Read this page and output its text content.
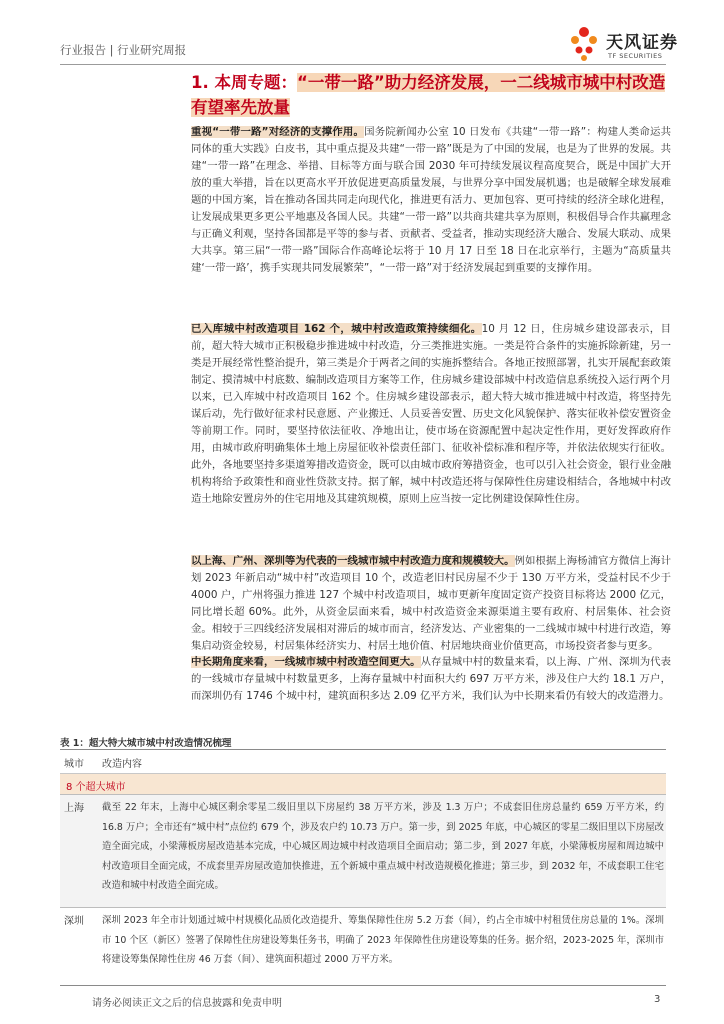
行业报告 | 行业研究周报	天风证券
TF SECURITIES
1. 本周专题：“一带一路”助力经济发展，一二线城市城中村改造有望率先放量
重视“一带一路”对经济的支撑作用。国务院新闻办公室 10 日发布《共建“一带一路”：构建人类命运共同体的重大实践》白皮书，其中重点提及共建“一带一路”既是为了中国的发展，也是为了世界的发展。共建“一带一路”在理念、举措、目标等方面与联合国 2030 年可持续发展议程高度契合，既是中国扩大开放的重大举措，旨在以更高水平开放促进更高质量发展，与世界分享中国发展机遇；也是破解全球发展难题的中国方案，旨在推动各国共同走向现代化，推进更有活力、更加包容、更可持续的经济全球化进程，让发展成果更多更公平地惠及各国人民。共建“一带一路”以共商共建共享为原则，积极倡导合作共赢理念与正确义利观，坚持各国都是平等的参与者、贡献者、受益者，推动实现经济大融合、发展大联动、成果大共享。第三届“一带一路”国际合作高峰论坛将于 10 月 17 日至 18 日在北京举行，主题为“高质量共建‘一带一路’，携手实现共同发展繁荣”，“一带一路”对于经济发展起到重要的支撑作用。
已入库城中村改造项目 162 个，城中村改造政策持续细化。10 月 12 日，住房城乡建设部表示，目前，超大特大城市正积极稳步推进城中村改造，分三类推进实施。一类是符合条件的实施拆除新建，另一类是开展经常性整治提升，第三类是介于两者之间的实施拆整结合。各地正按照部署，扎实开展配套政策制定、摸清城中村底数、编制改造项目方案等工作，住房城乡建设部城中村改造信息系统投入运行两个月以来，已入库城中村改造项目 162 个。住房城乡建设部表示，超大特大城市推进城中村改造，将坚持先谋后动，先行做好征求村民意愿、产业搬迁、人员妥善安置、历史文化风貌保护、落实征收补偿安置资金等前期工作。同时，要坚持依法征收、净地出让，使市场在资源配置中起决定性作用，更好发挥政府作用，由城市政府明确集体土地上房屋征收补偿责任部门、征收补偿标准和程序等，并依法依规实行征收。此外，各地要坚持多渠道筹措改造资金，既可以由城市政府筹措资金，也可以引入社会资金，银行业金融机构将给予政策性和商业性贷款支持。据了解，城中村改造还将与保障性住房建设相结合，各地城中村改造土地除安置房外的住宅用地及其建筑规模，原则上应当按一定比例建设保障性住房。
以上海、广州、深圳等为代表的一线城市城中村改造力度和规模较大。例如根据上海杨浦官方微信上海计划 2023 年新启动“城中村”改造项目 10 个，改造老旧村民房屋不少于 130 万平方米，受益村民不少于 4000 户，广州将强力推进 127 个城中村改造项目，城市更新年度固定资产投资目标将达 2000 亿元，同比增长超 60%。此外，从资金层面来看，城中村改造资金来源渠道主要有政府、村居集体、社会资金。相较于三四线经济发展相对滞后的城市而言，经济发达、产业密集的一二线城市城中村进行改造，筹集启动资金较易，村居集体经济实力、村居土地价值、村居地块商业价值更高，市场投资者参与更多。
中长期角度来看，一线城市城中村改造空间更大。从存量城中村的数量来看，以上海、广州、深圳为代表的一线城市存量城中村数量更多，上海存量城中村面积大约 697 万平方米，涉及住户大约 18.1 万户，而深圳仍有 1746 个城中村，建筑面积多达 2.09 亿平方米，我们认为中长期来看仍有较大的改造潜力。
表 1：超大特大城市城中村改造情况梳理
城市 改造内容
8 个超大城市
上海 截至 22 年末，上海中心城区剩余零星二级旧里以下房屋约 38 万平方米，涉及 1.3 万户；不成套旧住房总量约 659 万平方米，约 16.8 万户；全市还有“城中村”点位约 679 个，涉及农户约 10.73 万户。第一步，到 2025 年底，中心城区的零星二级旧里以下房屋改造全面完成，小梁薄板房屋改造基本完成，中心城区周边城中村改造项目全面启动；第二步，到 2027 年底，小梁薄板房屋和周边城中村改造项目全面完成，不成套里弄房屋改造加快推进，五个新城中重点城中村改造规模化推进；第三步，到 2032 年，不成套职工住宅改造和城中村改造全面完成。
深圳 深圳 2023 年全市计划通过城中村规模化品质化改造提升、筹集保障性住房 5.2 万套（间），约占全市城中村租赁住房总量的 1%。深圳市 10 个区（新区）签署了保障性住房建设筹集任务书，明确了 2023 年保障性住房建设筹集的任务。据介绍，2023-2025 年，深圳市将建设筹集保障性住房 46 万套（间）、建筑面积超过 2000 万平方米。
请务必阅读正文之后的信息披露和免责申明	3
